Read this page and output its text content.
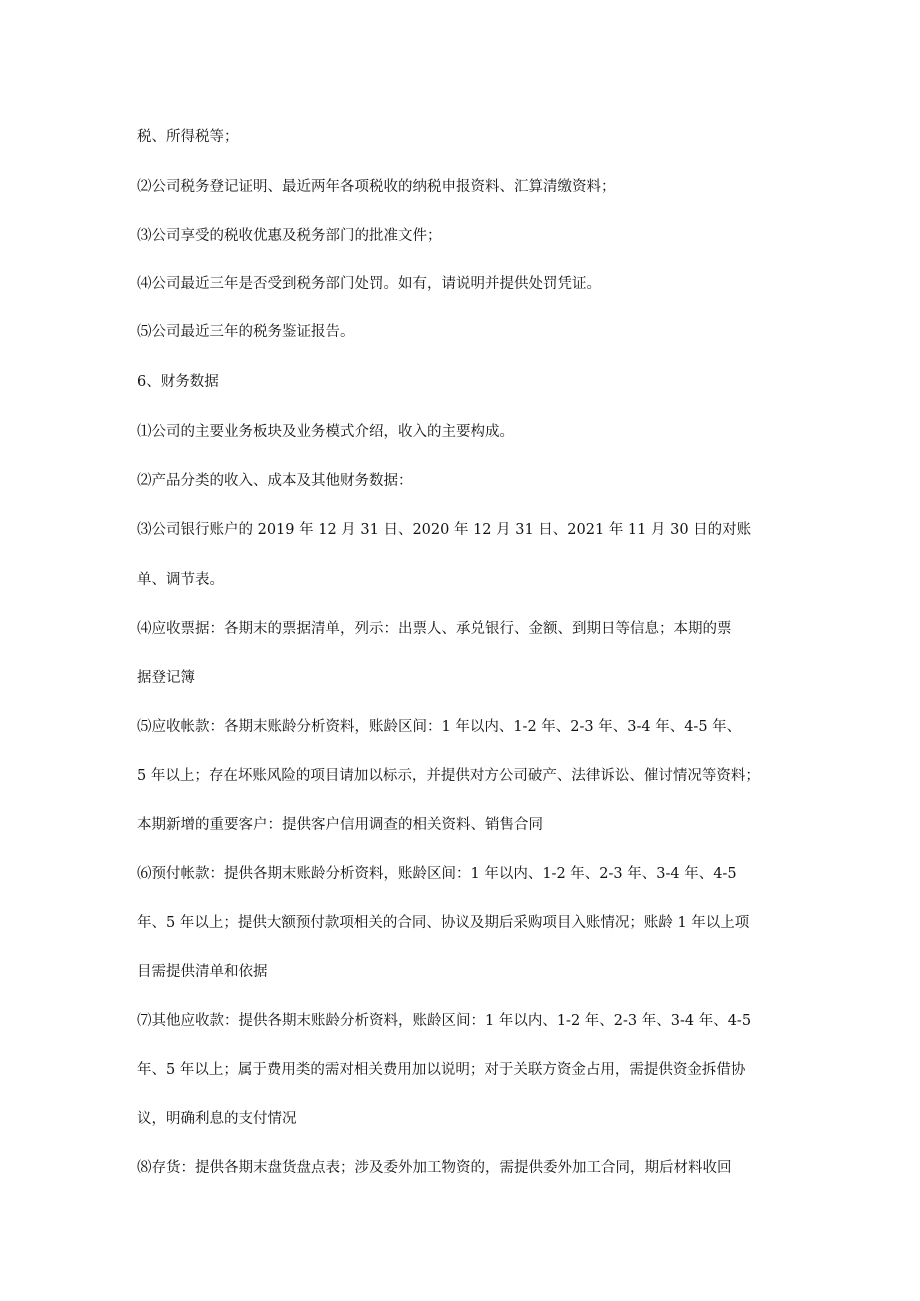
税、所得税等；

⑵公司税务登记证明、最近两年各项税收的纳税申报资料、汇算清缴资料；

⑶公司享受的税收优惠及税务部门的批准文件；

⑷公司最近三年是否受到税务部门处罚。如有，请说明并提供处罚凭证。

⑸公司最近三年的税务鉴证报告。

6、财务数据

⑴公司的主要业务板块及业务模式介绍，收入的主要构成。

⑵产品分类的收入、成本及其他财务数据：

⑶公司银行账户的 2019 年 12 月 31 日、2020 年 12 月 31 日、2021 年 11 月 30 日的对账

单、调节表。

⑷应收票据：各期末的票据清单，列示：出票人、承兑银行、金额、到期日等信息；本期的票

据登记簿

⑸应收帐款：各期末账龄分析资料，账龄区间：1 年以内、1-2 年、2-3 年、3-4 年、4-5 年、

5 年以上；存在坏账风险的项目请加以标示，并提供对方公司破产、法律诉讼、催讨情况等资料；

本期新增的重要客户：提供客户信用调查的相关资料、销售合同

⑹预付帐款：提供各期末账龄分析资料，账龄区间：1 年以内、1-2 年、2-3 年、3-4 年、4-5

年、5 年以上；提供大额预付款项相关的合同、协议及期后采购项目入账情况；账龄 1 年以上项

目需提供清单和依据

⑺其他应收款：提供各期末账龄分析资料，账龄区间：1 年以内、1-2 年、2-3 年、3-4 年、4-5

年、5 年以上；属于费用类的需对相关费用加以说明；对于关联方资金占用，需提供资金拆借协

议，明确利息的支付情况

⑻存货：提供各期末盘货盘点表；涉及委外加工物资的，需提供委外加工合同，期后材料收回
